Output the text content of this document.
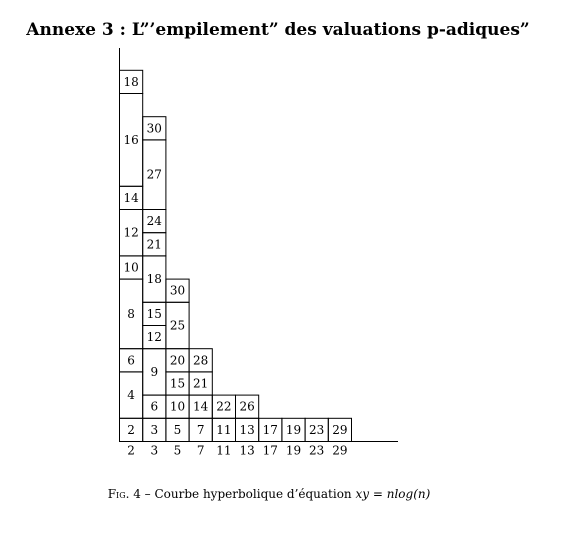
Annexe 3 : L”’empilement” des valuations p-adiques”
2
4
6
8
10
12
14
16
18
3
6
9
12
15
18
21
24
27
30
5
10
15
20
25
30
7
14
21
28
11
22
13
26
17 19 23 29
2 3 5 7 11 13 17 19 23 29
Fig. 4 – Courbe hyperbolique d’équation xy = nlog(n)
